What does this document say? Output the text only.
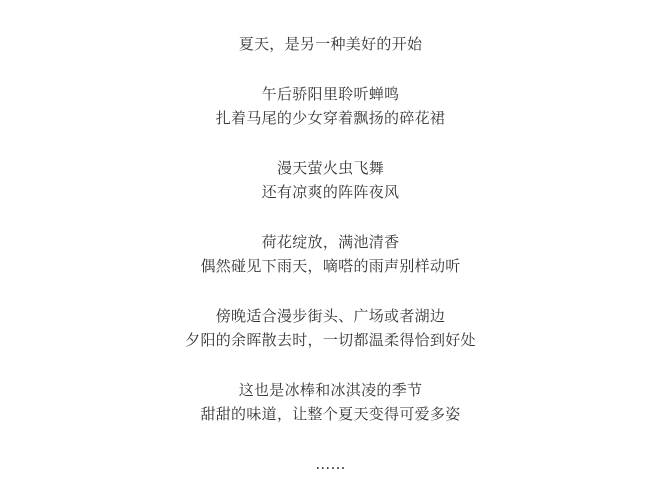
夏天，是另一种美好的开始
午后骄阳里聆听蝉鸣
扎着马尾的少女穿着飘扬的碎花裙
漫天萤火虫飞舞
还有凉爽的阵阵夜风
荷花绽放，满池清香
偶然碰见下雨天，嘀嗒的雨声别样动听
傍晚适合漫步街头、广场或者湖边
夕阳的余晖散去时，一切都温柔得恰到好处
这也是冰棒和冰淇凌的季节
甜甜的味道，让整个夏天变得可爱多姿
……
